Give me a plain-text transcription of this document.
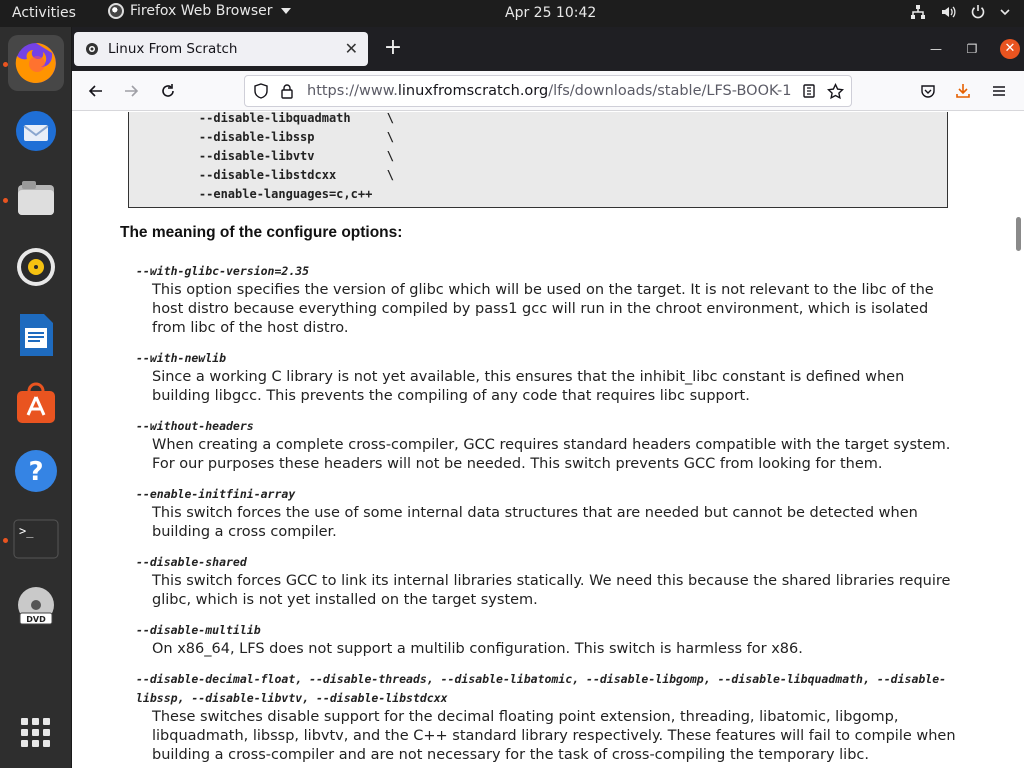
Activities	Firefox Web Browser	Apr 25 10:42
?
>_
DVD
Linux From Scratch	✕ +	—	❐	✕
https://www.linuxfromscratch.org/lfs/downloads/stable/LFS-BOOK-1
--disable-libquadmath     \
--disable-libssp          \
--disable-libvtv          \
--disable-libstdcxx       \
--enable-languages=c,c++
The meaning of the configure options:
--with-glibc-version=2.35
This option specifies the version of glibc which will be used on the target. It is not relevant to the libc of the host distro because everything compiled by pass1 gcc will run in the chroot environment, which is isolated from libc of the host distro.
--with-newlib
Since a working C library is not yet available, this ensures that the inhibit_libc constant is defined when building libgcc. This prevents the compiling of any code that requires libc support.
--without-headers
When creating a complete cross-compiler, GCC requires standard headers compatible with the target system. For our purposes these headers will not be needed. This switch prevents GCC from looking for them.
--enable-initfini-array
This switch forces the use of some internal data structures that are needed but cannot be detected when building a cross compiler.
--disable-shared
This switch forces GCC to link its internal libraries statically. We need this because the shared libraries require glibc, which is not yet installed on the target system.
--disable-multilib
On x86_64, LFS does not support a multilib configuration. This switch is harmless for x86.
--disable-decimal-float, --disable-threads, --disable-libatomic, --disable-libgomp, --disable-libquadmath, --disable-libssp, --disable-libvtv, --disable-libstdcxx
These switches disable support for the decimal floating point extension, threading, libatomic, libgomp, libquadmath, libssp, libvtv, and the C++ standard library respectively. These features will fail to compile when building a cross-compiler and are not necessary for the task of cross-compiling the temporary libc.
